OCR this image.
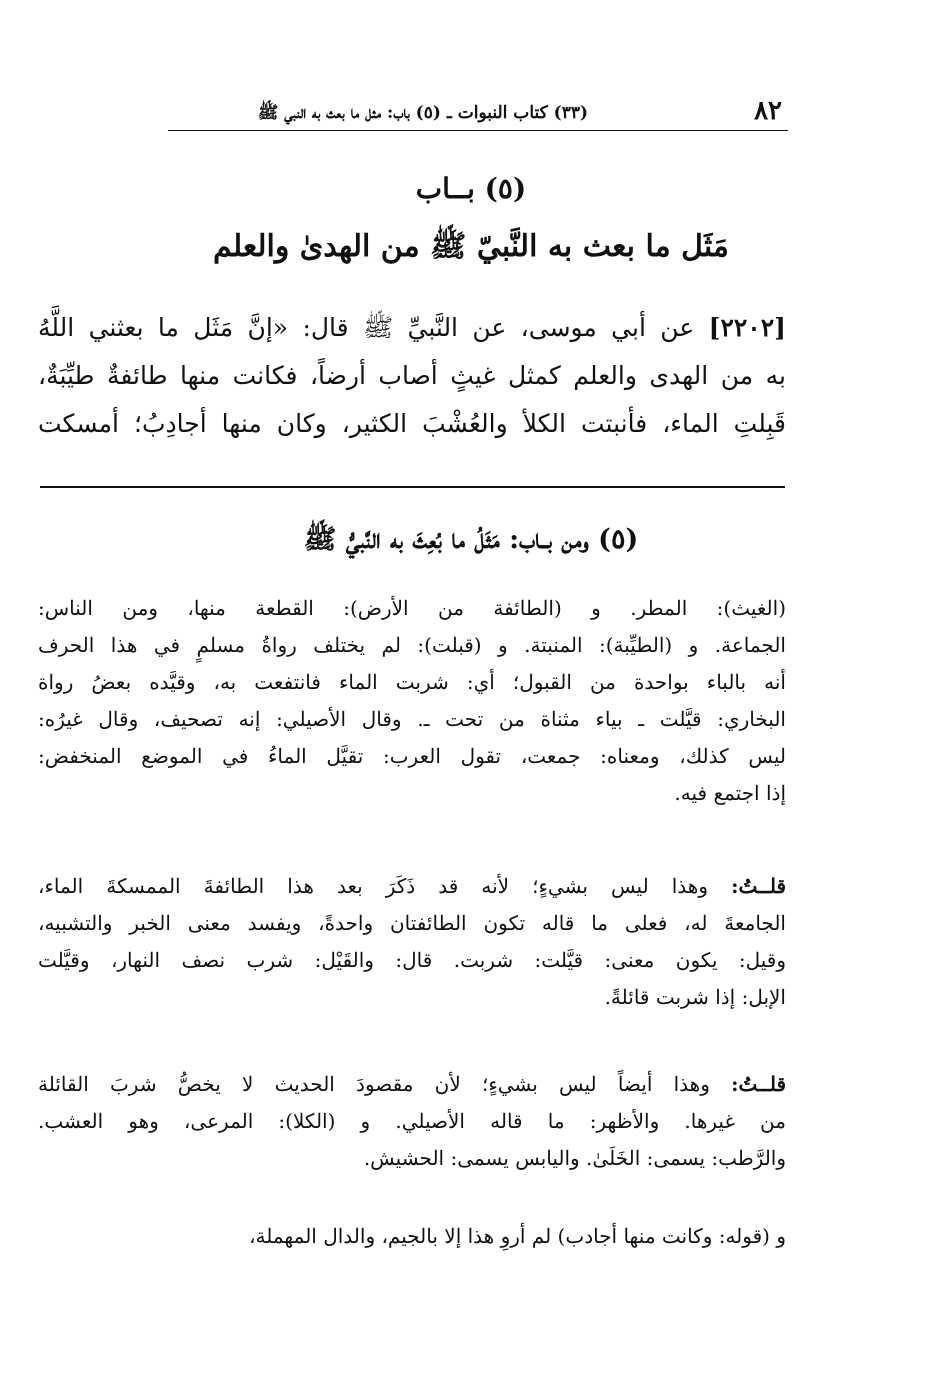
٨٢
(٣٣) كتاب النبوات ـ (٥) باب: مثل ما بعث به النبي ﷺ
(٥) بــاب
مَثَل ما بعث به النَّبيّ ﷺ من الهدىٰ والعلم
[٢٢٠٢] عن أبي موسى، عن النَّبيِّ ﷺ قال: «إنَّ مَثَل ما بعثني اللَّهُ
به من الهدى والعلم كمثل غيثٍ أصاب أرضاً، فكانت منها طائفةٌ طيِّبَةٌ،
قَبِلتِ الماء، فأنبتت الكلأ والعُشْبَ الكثير، وكان منها أجادِبُ؛ أمسكت
(٥) ومن بــاب: مَثَلُ ما بُعِثَ به النَّبيُّ ﷺ
(الغيث): المطر. و (الطائفة من الأرض): القطعة منها، ومن الناس:
الجماعة. و (الطيِّبة): المنبتة. و (قبلت): لم يختلف رواةُ مسلمٍ في هذا الحرف
أنه بالباء بواحدة من القبول؛ أي: شربت الماء فانتفعت به، وقيَّده بعضُ رواة
البخاري: قيَّلت ـ بياء مثناة من تحت ـ. وقال الأصيلي: إنه تصحيف، وقال غيرُه:
ليس كذلك، ومعناه: جمعت، تقول العرب: تقيَّل الماءُ في الموضع المنخفض:
إذا اجتمع فيه.
قلــتُ: وهذا ليس بشيءٍ؛ لأنه قد ذَكَرَ بعد هذا الطائفةَ الممسكةَ الماء،
الجامعةَ له، فعلى ما قاله تكون الطائفتان واحدةً، ويفسد معنى الخبر والتشبيه،
وقيل: يكون معنى: قيَّلت: شربت. قال: والقَيْل: شرب نصف النهار، وقيَّلت
الإبل: إذا شربت قائلةً.
قلــتُ: وهذا أيضاً ليس بشيءٍ؛ لأن مقصودَ الحديث لا يخصُّ شربَ القائلة
من غيرها. والأظهر: ما قاله الأصيلي. و (الكلا): المرعى، وهو العشب.
والرَّطب: يسمى: الخَلَىٰ. واليابس يسمى: الحشيش.
و (قوله: وكانت منها أجادب) لم أروِ هذا إلا بالجيم، والدال المهملة،
